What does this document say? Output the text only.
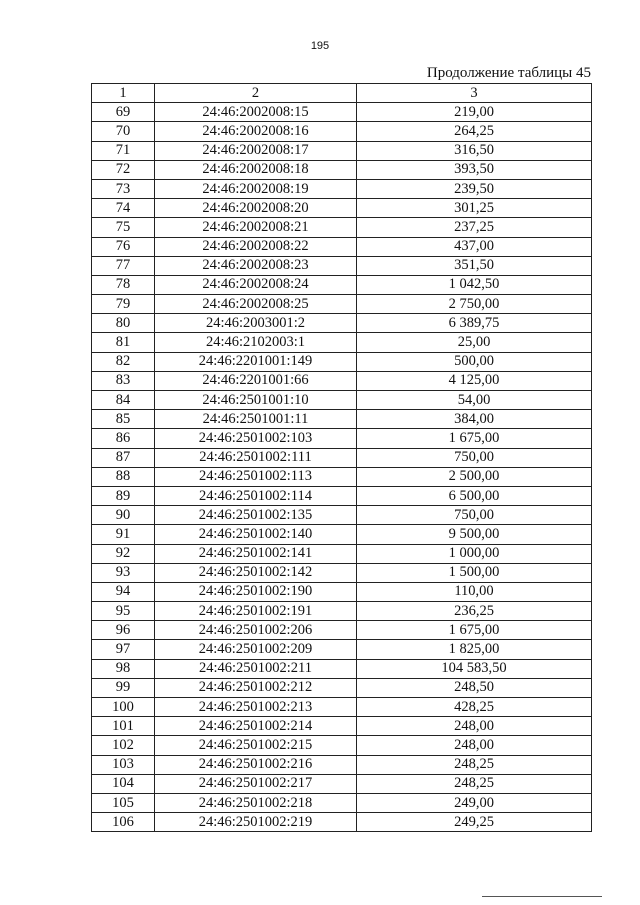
195
Продолжение таблицы 45
1	2	3
69	24:46:2002008:15	219,00
70	24:46:2002008:16	264,25
71	24:46:2002008:17	316,50
72	24:46:2002008:18	393,50
73	24:46:2002008:19	239,50
74	24:46:2002008:20	301,25
75	24:46:2002008:21	237,25
76	24:46:2002008:22	437,00
77	24:46:2002008:23	351,50
78	24:46:2002008:24	1 042,50
79	24:46:2002008:25	2 750,00
80	24:46:2003001:2	6 389,75
81	24:46:2102003:1	25,00
82	24:46:2201001:149	500,00
83	24:46:2201001:66	4 125,00
84	24:46:2501001:10	54,00
85	24:46:2501001:11	384,00
86	24:46:2501002:103	1 675,00
87	24:46:2501002:111	750,00
88	24:46:2501002:113	2 500,00
89	24:46:2501002:114	6 500,00
90	24:46:2501002:135	750,00
91	24:46:2501002:140	9 500,00
92	24:46:2501002:141	1 000,00
93	24:46:2501002:142	1 500,00
94	24:46:2501002:190	110,00
95	24:46:2501002:191	236,25
96	24:46:2501002:206	1 675,00
97	24:46:2501002:209	1 825,00
98	24:46:2501002:211	104 583,50
99	24:46:2501002:212	248,50
100	24:46:2501002:213	428,25
101	24:46:2501002:214	248,00
102	24:46:2501002:215	248,00
103	24:46:2501002:216	248,25
104	24:46:2501002:217	248,25
105	24:46:2501002:218	249,00
106	24:46:2501002:219	249,25
